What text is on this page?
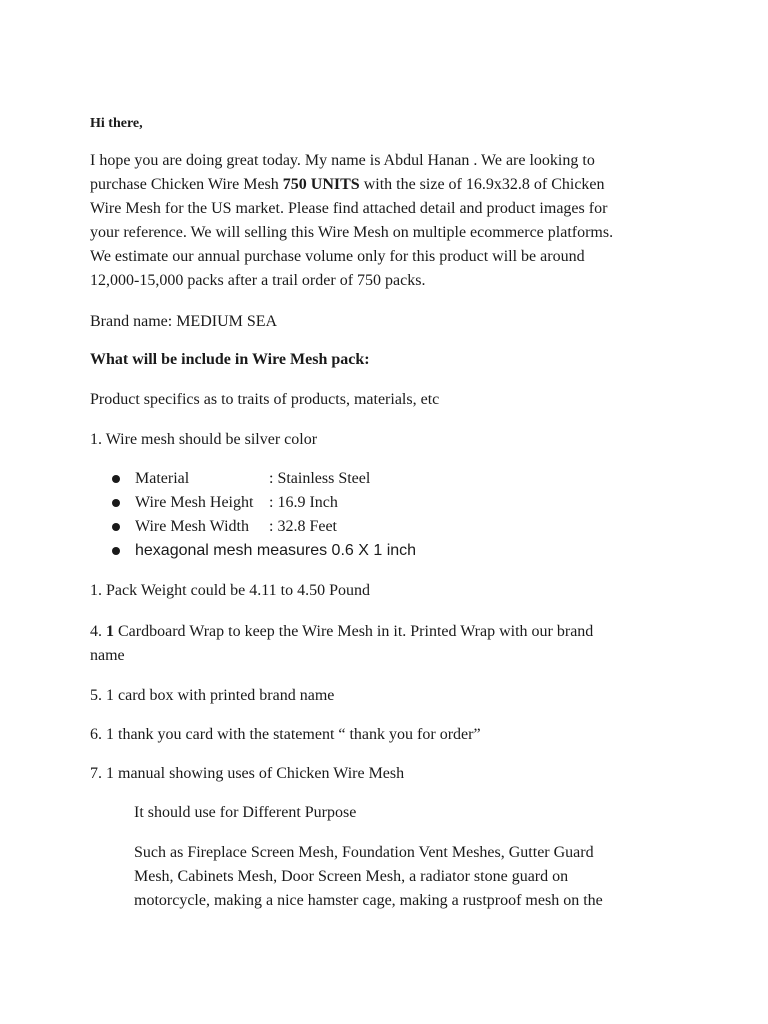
Hi there,
I hope you are doing great today. My name is Abdul Hanan . We are looking to
purchase Chicken Wire Mesh 750 UNITS with the size of 16.9x32.8 of Chicken
Wire Mesh for the US market. Please find attached detail and product images for
your reference. We will selling this Wire Mesh on multiple ecommerce platforms.
We estimate our annual purchase volume only for this product will be around
12,000-15,000 packs after a trail order of 750 packs.
Brand name: MEDIUM SEA
What will be include in Wire Mesh pack:
Product specifics as to traits of products, materials, etc
1. Wire mesh should be silver color
Material	: Stainless Steel
Wire Mesh Height : 16.9 Inch
Wire Mesh Width : 32.8 Feet
hexagonal mesh measures 0.6 X 1 inch
1. Pack Weight could be 4.11 to 4.50 Pound
4. 1 Cardboard Wrap to keep the Wire Mesh in it. Printed Wrap with our brand
name
5. 1 card box with printed brand name
6. 1 thank you card with the statement “ thank you for order”
7. 1 manual showing uses of Chicken Wire Mesh
It should use for Different Purpose
Such as Fireplace Screen Mesh, Foundation Vent Meshes, Gutter Guard
Mesh, Cabinets Mesh, Door Screen Mesh, a radiator stone guard on
motorcycle, making a nice hamster cage, making a rustproof mesh on the
